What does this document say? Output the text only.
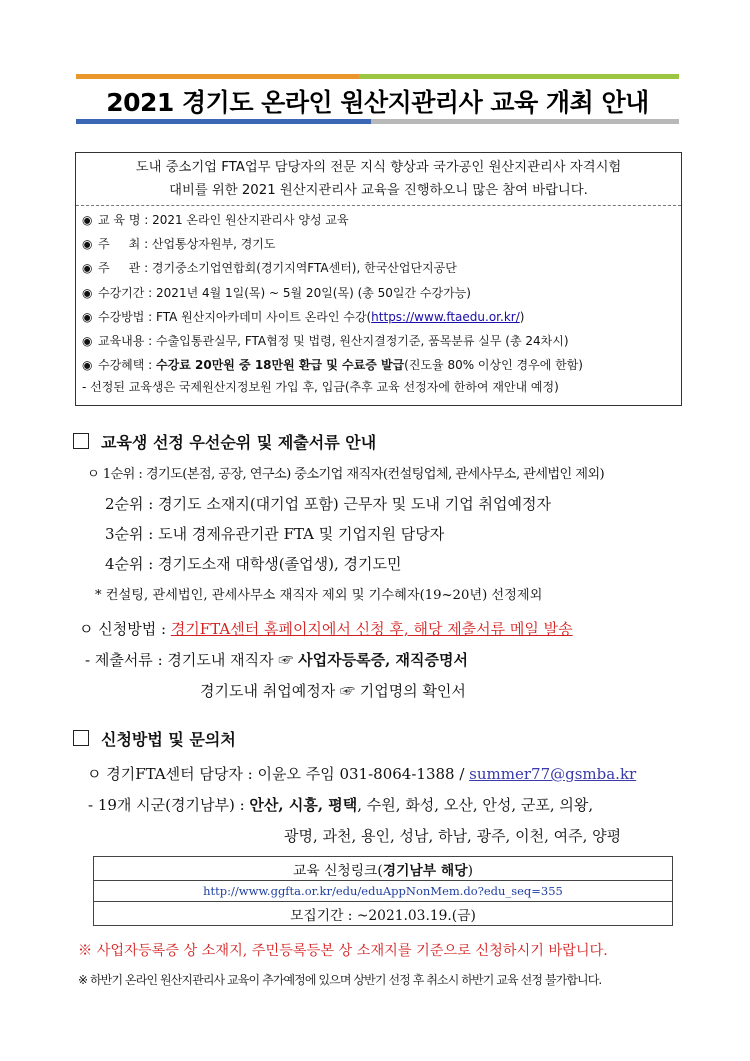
2021 경기도 온라인 원산지관리사 교육 개최 안내
도내 중소기업 FTA업무 담당자의 전문 지식 향상과 국가공인 원산지관리사 자격시험
대비를 위한 2021 원산지관리사 교육을 진행하오니 많은 참여 바랍니다.
◉ 교 육 명 : 2021 온라인 원산지관리사 양성 교육
◉ 주     최 : 산업통상자원부, 경기도
◉ 주     관 : 경기중소기업연합회(경기지역FTA센터), 한국산업단지공단
◉ 수강기간 : 2021년 4월 1일(목) ~ 5월 20일(목) (총 50일간 수강가능)
◉ 수강방법 : FTA 원산지아카데미 사이트 온라인 수강(https://www.ftaedu.or.kr/)
◉ 교육내용 : 수출입통관실무, FTA협정 및 법령, 원산지결정기준, 품목분류 실무 (총 24차시)
◉ 수강혜택 : 수강료 20만원 중 18만원 환급 및 수료증 발급(진도율 80% 이상인 경우에 한함)
- 선정된 교육생은 국제원산지정보원 가입 후, 입금(추후 교육 선정자에 한하여 재안내 예정)
교육생 선정 우선순위 및 제출서류 안내
ㅇ 1순위 : 경기도(본점, 공장, 연구소) 중소기업 재직자(컨설팅업체, 관세사무소, 관세법인 제외)
2순위 : 경기도 소재지(대기업 포함) 근무자 및 도내 기업 취업예정자
3순위 : 도내 경제유관기관 FTA 및 기업지원 담당자
4순위 : 경기도소재 대학생(졸업생), 경기도민
* 컨설팅, 관세법인, 관세사무소 재직자 제외 및 기수혜자(19~20년) 선정제외
ㅇ 신청방법 : 경기FTA센터 홈페이지에서 신청 후, 해당 제출서류 메일 발송
- 제출서류 : 경기도내 재직자 ☞ 사업자등록증, 재직증명서
경기도내 취업예정자 ☞ 기업명의 확인서
신청방법 및 문의처
ㅇ 경기FTA센터 담당자 : 이윤오 주임 031-8064-1388 / summer77@gsmba.kr
- 19개 시군(경기남부) : 안산, 시흥, 평택, 수원, 화성, 오산, 안성, 군포, 의왕,
광명, 과천, 용인, 성남, 하남, 광주, 이천, 여주, 양평
교육 신청링크(경기남부 해당)
http://www.ggfta.or.kr/edu/eduAppNonMem.do?edu_seq=355
모집기간 : ~2021.03.19.(금)
※ 사업자등록증 상 소재지, 주민등록등본 상 소재지를 기준으로 신청하시기 바랍니다.
※ 하반기 온라인 원산지관리사 교육이 추가예정에 있으며 상반기 선정 후 취소시 하반기 교육 선정 불가합니다.
